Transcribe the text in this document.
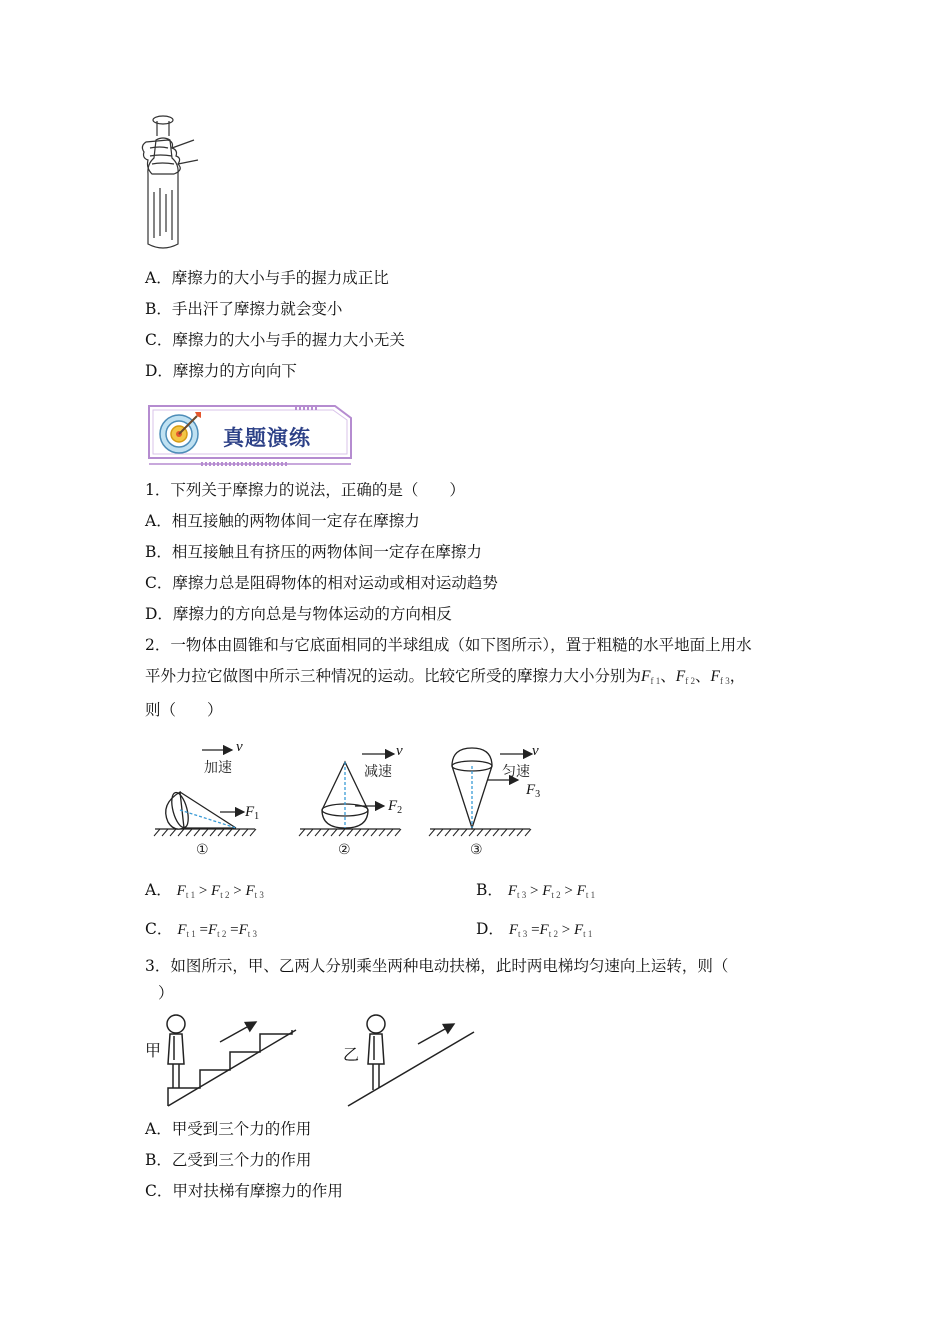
A．摩擦力的大小与手的握力成正比
B．手出汗了摩擦力就会变小
C．摩擦力的大小与手的握力大小无关
D．摩擦力的方向向下
真题演练
1．下列关于摩擦力的说法，正确的是（　　）
A．相互接触的两物体间一定存在摩擦力
B．相互接触且有挤压的两物体间一定存在摩擦力
C．摩擦力总是阻碍物体的相对运动或相对运动趋势
D．摩擦力的方向总是与物体运动的方向相反
2．一物体由圆锥和与它底面相同的半球组成（如下图所示），置于粗糙的水平地面上用水
平外力拉它做图中所示三种情况的运动。比较它所受的摩擦力大小分别为$F_{f 1}$、$F_{f 2}$、$F_{f 3}$，
则（　　）
v	v	v
$F_1$
$F_2$
$F_3$
加速	减速	匀速
①	②	③
A． $F_{t 1} > F_{t 2} > F_{t 3}$	B． $F_{t 3} > F_{t 2} > F_{t 1}$
C． $F_{t 1} =F_{t 2} =F_{t 3}$	D． $F_{t 3} =F_{t 2} > F_{t 1}$
3．如图所示，甲、乙两人分别乘坐两种电动扶梯，此时两电梯均匀速向上运转，则（
）
甲	乙
A．甲受到三个力的作用
B．乙受到三个力的作用
C．甲对扶梯有摩擦力的作用
